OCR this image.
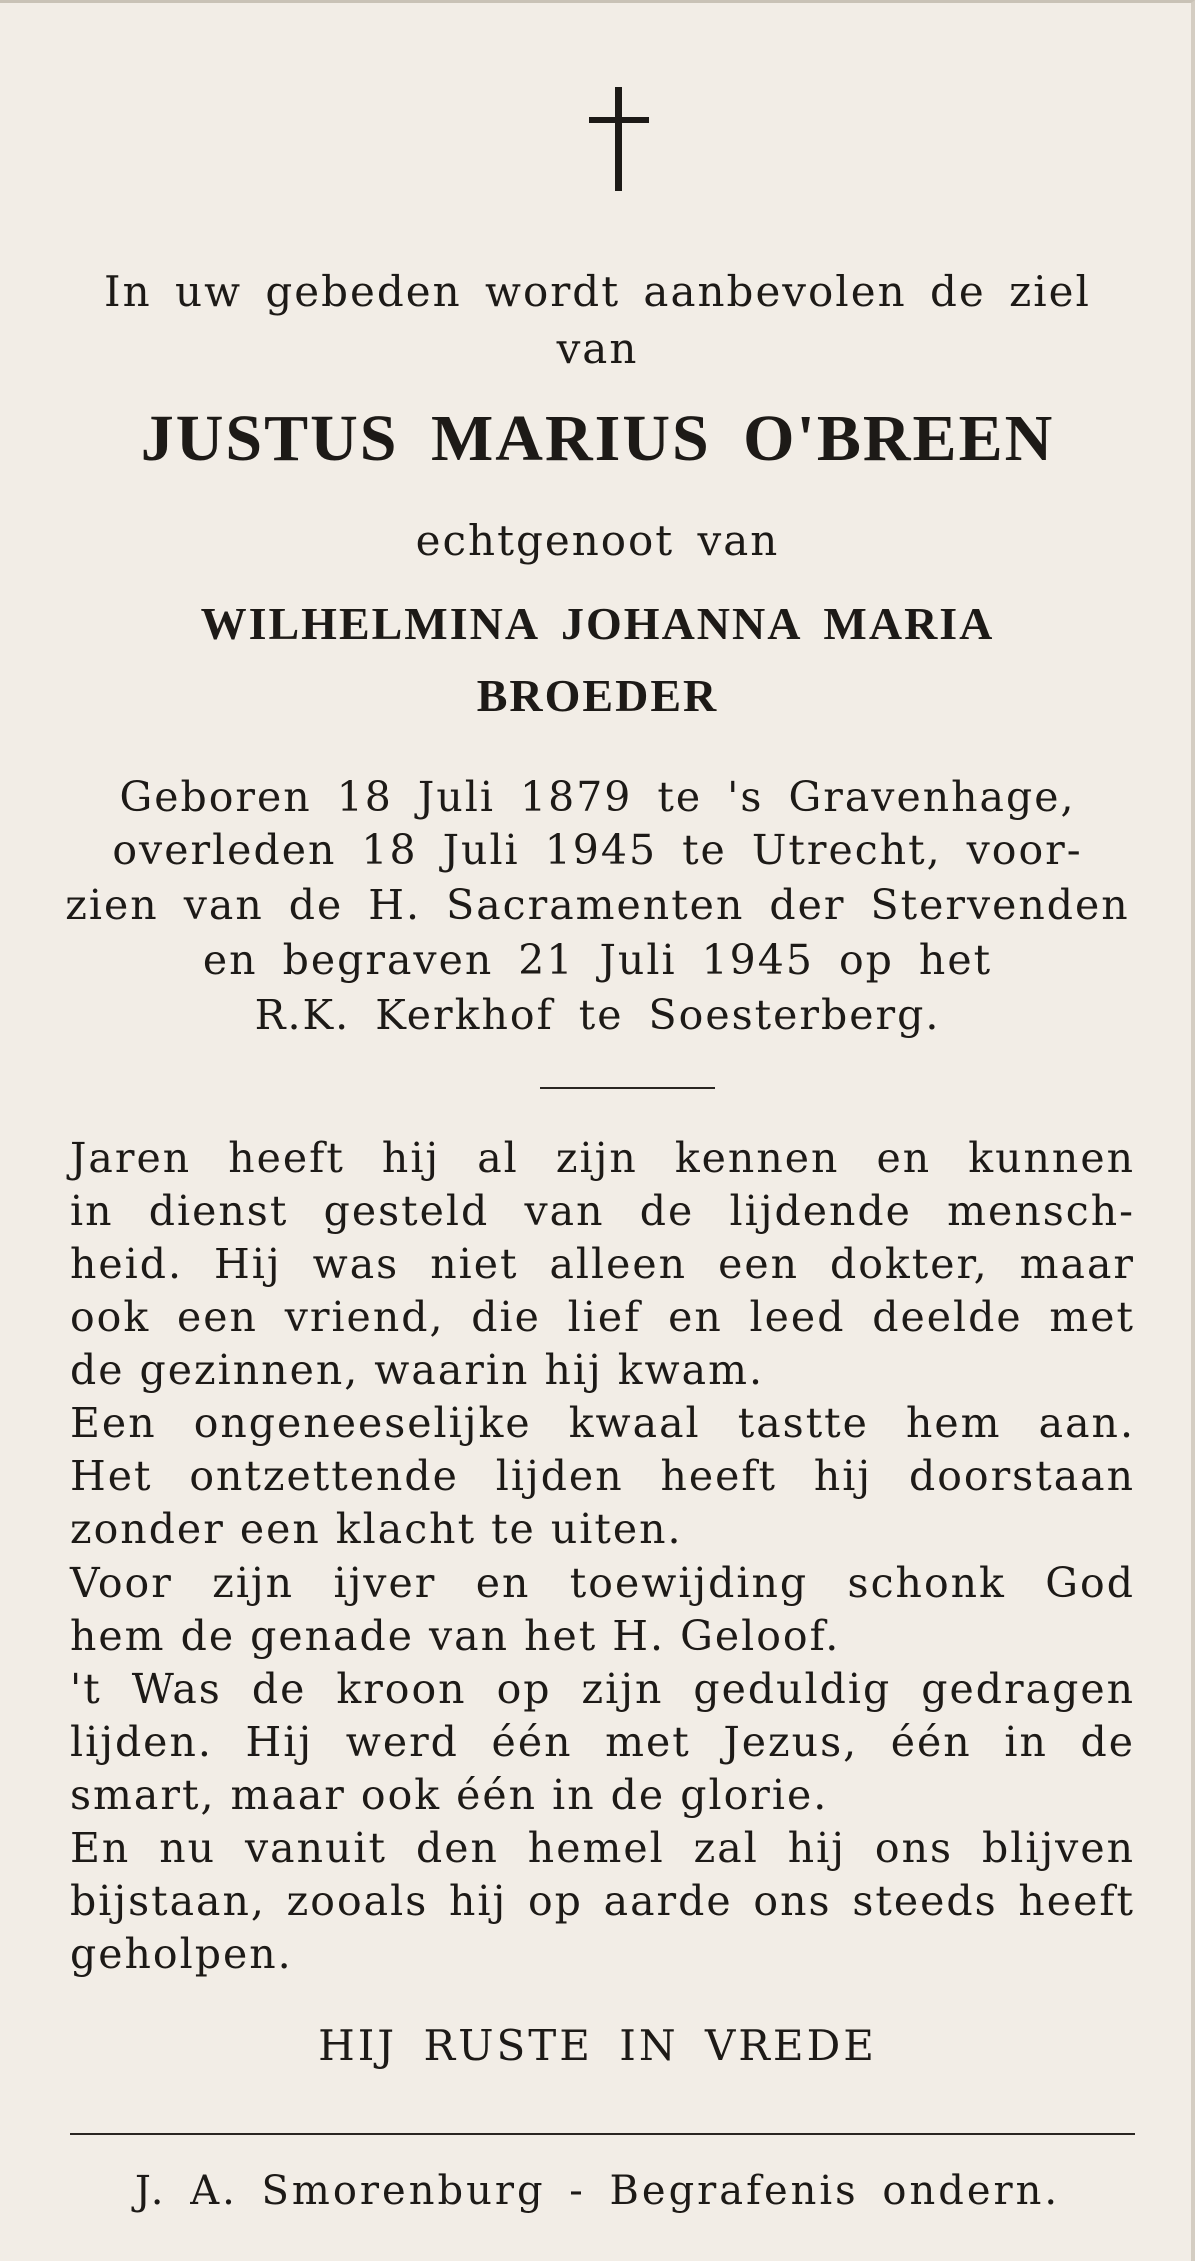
In uw gebeden wordt aanbevolen de ziel
van
JUSTUS MARIUS O'BREEN
echtgenoot van
WILHELMINA JOHANNA MARIA
BROEDER
Geboren 18 Juli 1879 te 's Gravenhage,
overleden 18 Juli 1945 te Utrecht, voor-
zien van de H. Sacramenten der Stervenden
en begraven 21 Juli 1945 op het
R.K. Kerkhof te Soesterberg.
Jaren heeft hij al zijn kennen en kunnen
in dienst gesteld van de lijdende mensch-
heid. Hij was niet alleen een dokter, maar
ook een vriend, die lief en leed deelde met
de gezinnen, waarin hij kwam.
Een ongeneeselijke kwaal tastte hem aan.
Het ontzettende lijden heeft hij doorstaan
zonder een klacht te uiten.
Voor zijn ijver en toewijding schonk God
hem de genade van het H. Geloof.
't Was de kroon op zijn geduldig gedragen
lijden. Hij werd één met Jezus, één in de
smart, maar ook één in de glorie.
En nu vanuit den hemel zal hij ons blijven
bijstaan, zooals hij op aarde ons steeds heeft
geholpen.
HIJ RUSTE IN VREDE
J. A. Smorenburg - Begrafenis ondern.
